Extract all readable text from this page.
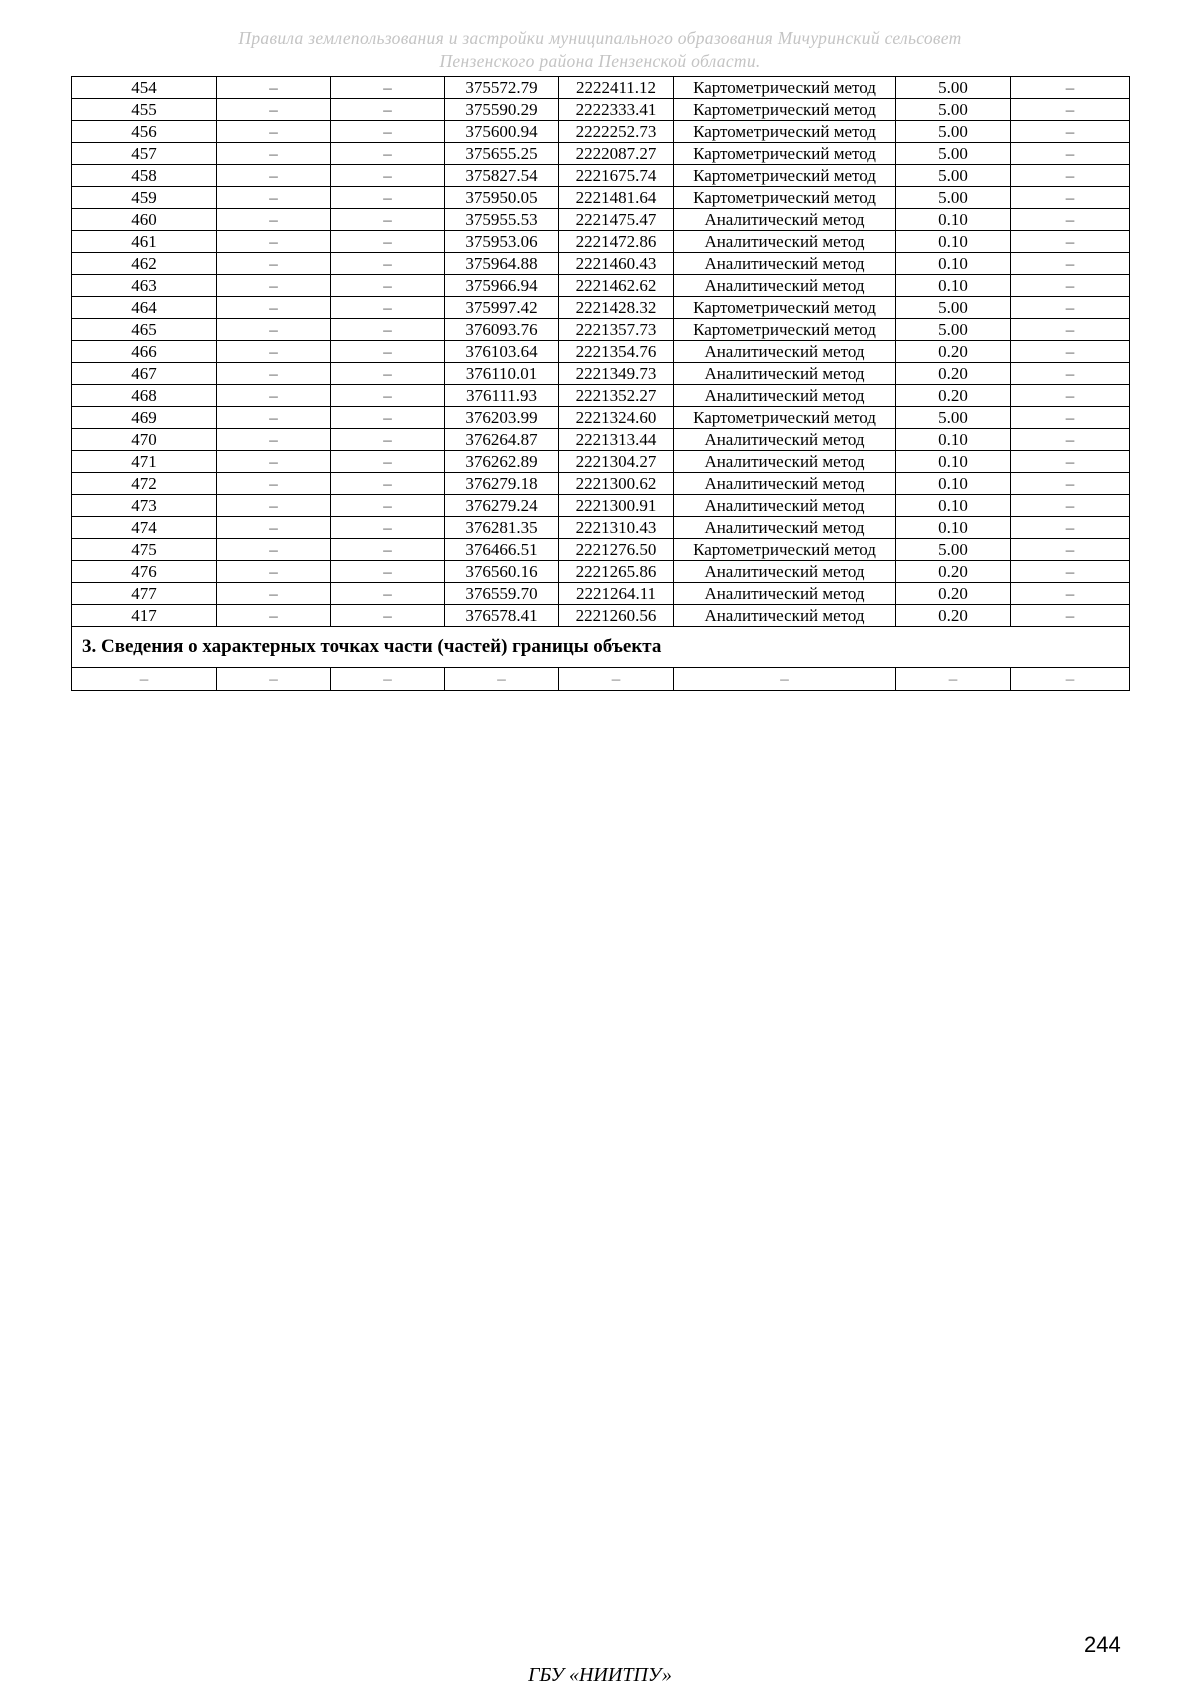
Правила землепользования и застройки муниципального образования Мичуринский сельсовет
Пензенского района Пензенской области.
454	–	–	375572.79	2222411.12	Картометрический метод	5.00	–
455	–	–	375590.29	2222333.41	Картометрический метод	5.00	–
456	–	–	375600.94	2222252.73	Картометрический метод	5.00	–
457	–	–	375655.25	2222087.27	Картометрический метод	5.00	–
458	–	–	375827.54	2221675.74	Картометрический метод	5.00	–
459	–	–	375950.05	2221481.64	Картометрический метод	5.00	–
460	–	–	375955.53	2221475.47	Аналитический метод	0.10	–
461	–	–	375953.06	2221472.86	Аналитический метод	0.10	–
462	–	–	375964.88	2221460.43	Аналитический метод	0.10	–
463	–	–	375966.94	2221462.62	Аналитический метод	0.10	–
464	–	–	375997.42	2221428.32	Картометрический метод	5.00	–
465	–	–	376093.76	2221357.73	Картометрический метод	5.00	–
466	–	–	376103.64	2221354.76	Аналитический метод	0.20	–
467	–	–	376110.01	2221349.73	Аналитический метод	0.20	–
468	–	–	376111.93	2221352.27	Аналитический метод	0.20	–
469	–	–	376203.99	2221324.60	Картометрический метод	5.00	–
470	–	–	376264.87	2221313.44	Аналитический метод	0.10	–
471	–	–	376262.89	2221304.27	Аналитический метод	0.10	–
472	–	–	376279.18	2221300.62	Аналитический метод	0.10	–
473	–	–	376279.24	2221300.91	Аналитический метод	0.10	–
474	–	–	376281.35	2221310.43	Аналитический метод	0.10	–
475	–	–	376466.51	2221276.50	Картометрический метод	5.00	–
476	–	–	376560.16	2221265.86	Аналитический метод	0.20	–
477	–	–	376559.70	2221264.11	Аналитический метод	0.20	–
417	–	–	376578.41	2221260.56	Аналитический метод	0.20	–
3. Сведения о характерных точках части (частей) границы объекта							
–	–	–	–	–	–	–	–
244
ГБУ «НИИТПУ»
